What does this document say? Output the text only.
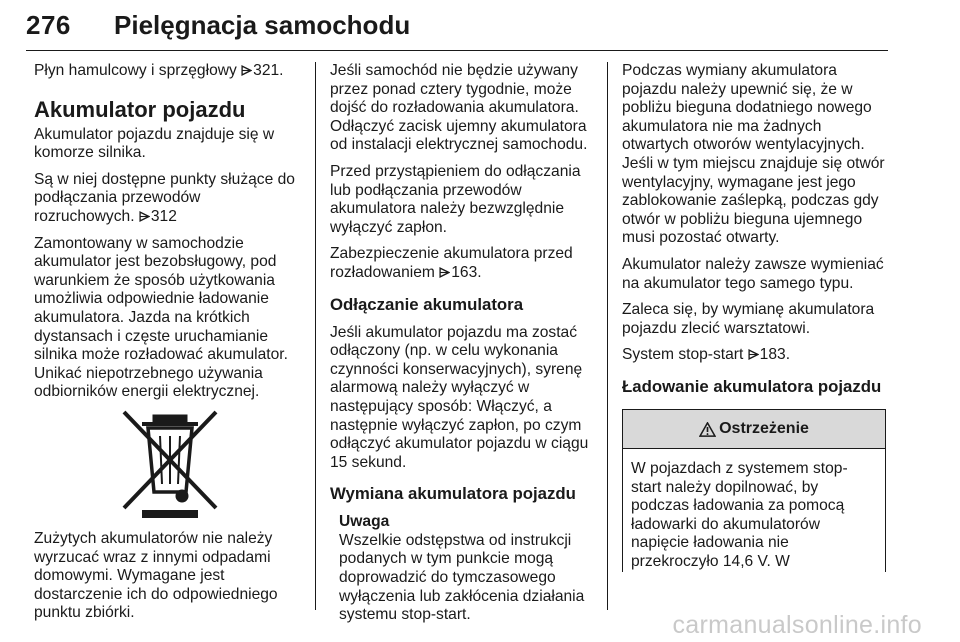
276 Pielęgnacja samochodu

Płyn hamulcowy i sprzęgłowy 321.

Akumulator pojazdu

Akumulator pojazdu znajduje się w komorze silnika.

Są w niej dostępne punkty służące do podłączania przewodów rozruchowych. 312

Zamontowany w samochodzie akumulator jest bezobsługowy, pod warunkiem że sposób użytkowania umożliwia odpowiednie ładowanie akumulatora. Jazda na krótkich dystansach i częste uruchamianie silnika może rozładować akumulator. Unikać niepotrzebnego używania odbiorników energii elektrycznej.

Zużytych akumulatorów nie należy wyrzucać wraz z innymi odpadami domowymi. Wymagane jest dostarczenie ich do odpowiedniego punktu zbiórki.

Jeśli samochód nie będzie używany przez ponad cztery tygodnie, może dojść do rozładowania akumulatora. Odłączyć zacisk ujemny akumulatora od instalacji elektrycznej samochodu.

Przed przystąpieniem do odłączania lub podłączania przewodów akumulatora należy bezwzględnie wyłączyć zapłon.

Zabezpieczenie akumulatora przed rozładowaniem 163.

Odłączanie akumulatora

Jeśli akumulator pojazdu ma zostać odłączony (np. w celu wykonania czynności konserwacyjnych), syrenę alarmową należy wyłączyć w następujący sposób: Włączyć, a następnie wyłączyć zapłon, po czym odłączyć akumulator pojazdu w ciągu 15 sekund.

Wymiana akumulatora pojazdu

Uwaga

Wszelkie odstępstwa od instrukcji podanych w tym punkcie mogą doprowadzić do tymczasowego wyłączenia lub zakłócenia działania systemu stop-start.

Podczas wymiany akumulatora pojazdu należy upewnić się, że w pobliżu bieguna dodatniego nowego akumulatora nie ma żadnych otwartych otworów wentylacyjnych. Jeśli w tym miejscu znajduje się otwór wentylacyjny, wymagane jest jego zablokowanie zaślepką, podczas gdy otwór w pobliżu bieguna ujemnego musi pozostać otwarty.

Akumulator należy zawsze wymieniać na akumulator tego samego typu.

Zaleca się, by wymianę akumulatora pojazdu zlecić warsztatowi.

System stop-start 183.

Ładowanie akumulatora pojazdu
Ostrzeżenie
W pojazdach z systemem stop-start należy dopilnować, by podczas ładowania za pomocą ładowarki do akumulatorów napięcie ładowania nie przekroczyło 14,6 V. W
carmanualsonline.info
